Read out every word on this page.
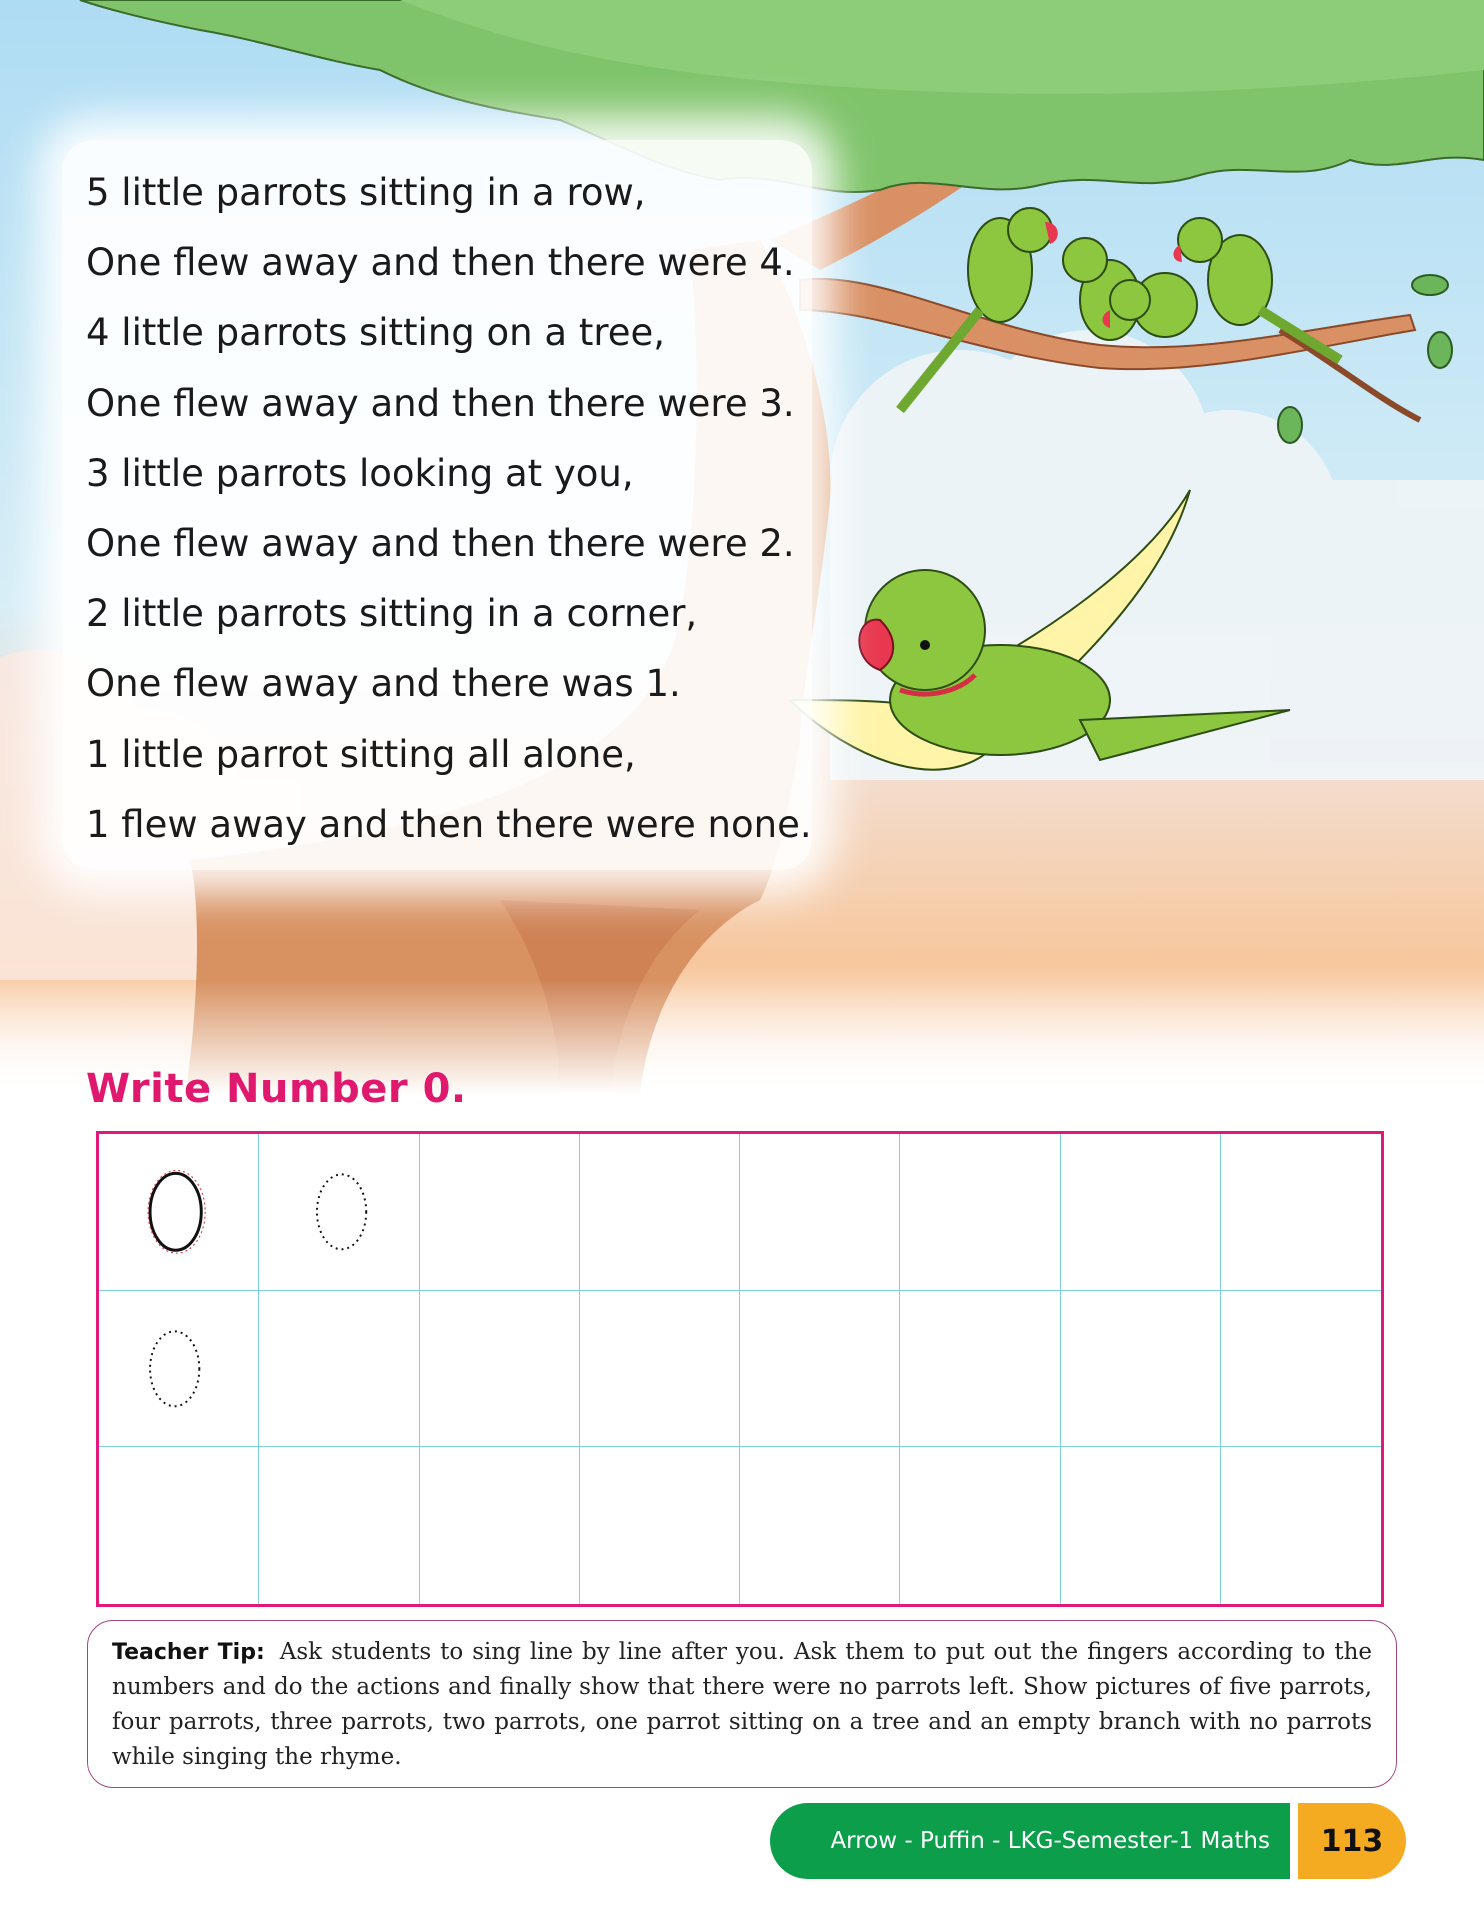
5 little parrots sitting in a row,
One flew away and then there were 4.
4 little parrots sitting on a tree,
One flew away and then there were 3.
3 little parrots looking at you,
One flew away and then there were 2.
2 little parrots sitting in a corner,
One flew away and there was 1.
1 little parrot sitting all alone,
1 flew away and then there were none.
Write Number 0.
Teacher Tip: Ask students to sing line by line after you. Ask them to put out the fingers according to the numbers and do the actions and finally show that there were no parrots left. Show pictures of five parrots, four parrots, three parrots, two parrots, one parrot sitting on a tree and an empty branch with no parrots while singing the rhyme.
Arrow - Puffin - LKG-Semester-1 Maths	113
